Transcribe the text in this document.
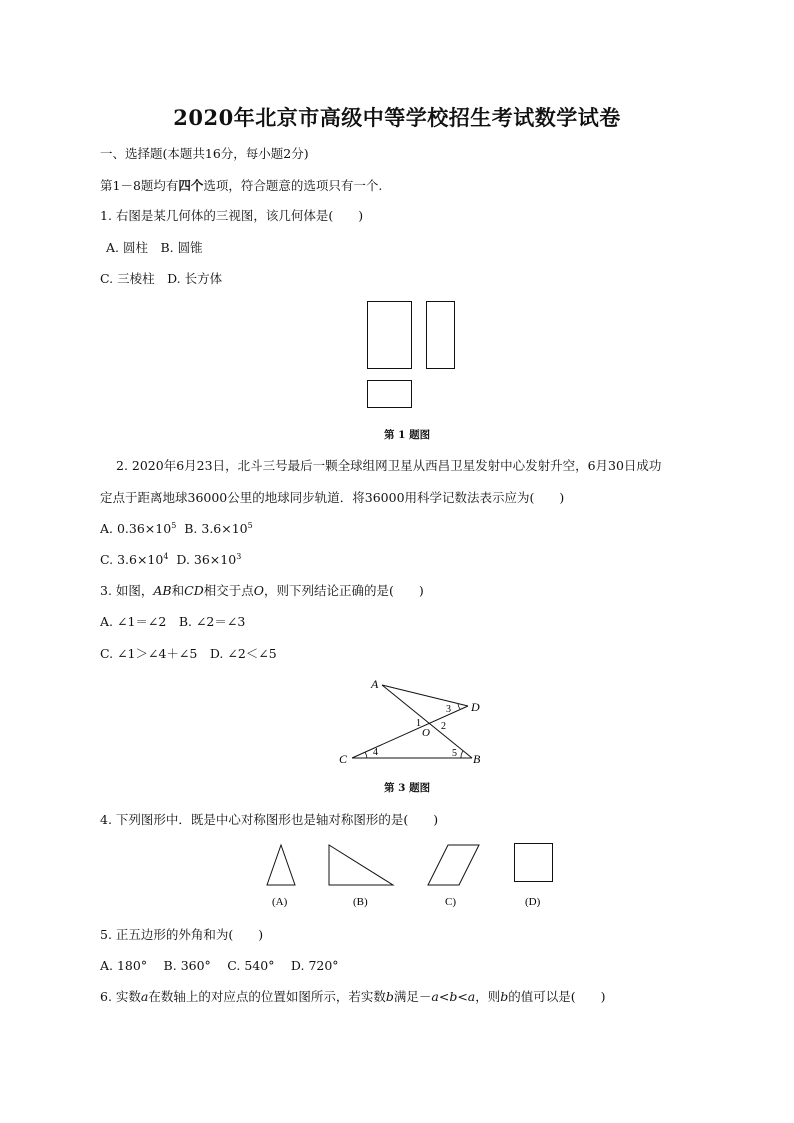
2020年北京市高级中等学校招生考试数学试卷
一、选择题(本题共16分，每小题2分)
第1－8题均有四个选项，符合题意的选项只有一个.
1. 右图是某几何体的三视图，该几何体是(　　)
A. 圆柱　B. 圆锥
C. 三棱柱　D. 长方体
第 1 题图
2. 2020年6月23日，北斗三号最后一颗全球组网卫星从西昌卫星发射中心发射升空，6月30日成功
定点于距离地球36000公里的地球同步轨道．将36000用科学记数法表示应为(　　)
A. $0.36\times 10^5$ B. $3.6\times 10^5$
C. $3.6\times 10^4$ D. $36\times 10^3$
3. 如图，AB和CD相交于点O，则下列结论正确的是(　　)
A. ∠1＝∠2　B. ∠2＝∠3
C. ∠1＞∠4＋∠5　D. ∠2＜∠5
A
D
C	B
O
1 2
3
4	5
第 3 题图
4. 下列图形中．既是中心对称图形也是轴对称图形的是(　　)
(A)	(B)	C)	(D)
5. 正五边形的外角和为(　　)
A. 180°　 B. 360°　 C. 540°　 D. 720°
6. 实数a在数轴上的对应点的位置如图所示，若实数b满足－a<b<a，则b的值可以是(　　)
